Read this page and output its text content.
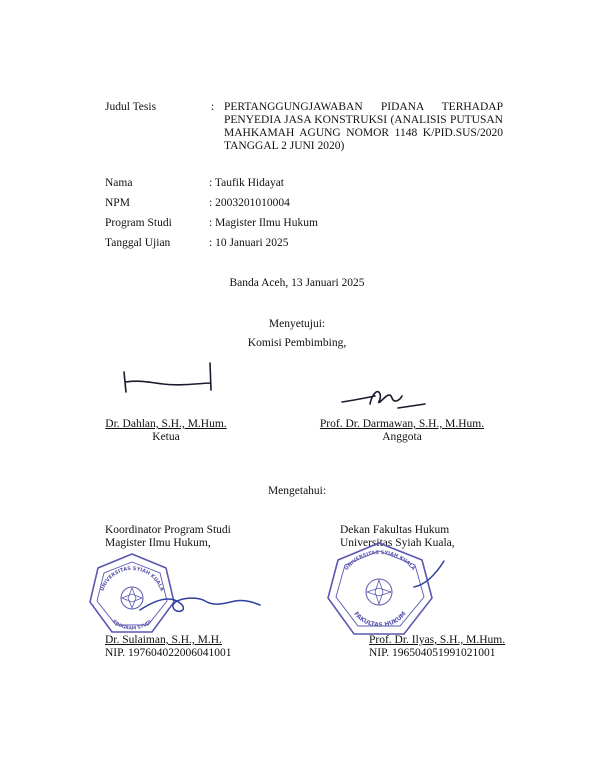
Judul Tesis	: PERTANGGUNGJAWABAN PIDANA TERHADAP PENYEDIA JASA KONSTRUKSI (ANALISIS PUTUSAN MAHKAMAH AGUNG NOMOR 1148 K/PID.SUS/2020 TANGGAL 2 JUNI 2020)
Nama	: Taufik Hidayat
NPM	: 2003201010004
Program Studi	: Magister Ilmu Hukum
Tanggal Ujian	: 10 Januari 2025
Banda Aceh, 13 Januari 2025
Menyetujui:
Komisi Pembimbing,
Dr. Dahlan, S.H., M.Hum.
Ketua
Prof. Dr. Darmawan, S.H., M.Hum.
Anggota
Mengetahui:
Koordinator Program Studi
Magister Ilmu Hukum,
UNIVERSITAS SYIAH KUALA
PROGRAM STUDI
Dr. Sulaiman, S.H., M.H.
NIP. 197604022006041001
Dekan Fakultas Hukum
Universitas Syiah Kuala,
UNIVERSITAS SYIAH KUALA
FAKULTAS HUKUM
Prof. Dr. Ilyas, S.H., M.Hum.
NIP. 196504051991021001
